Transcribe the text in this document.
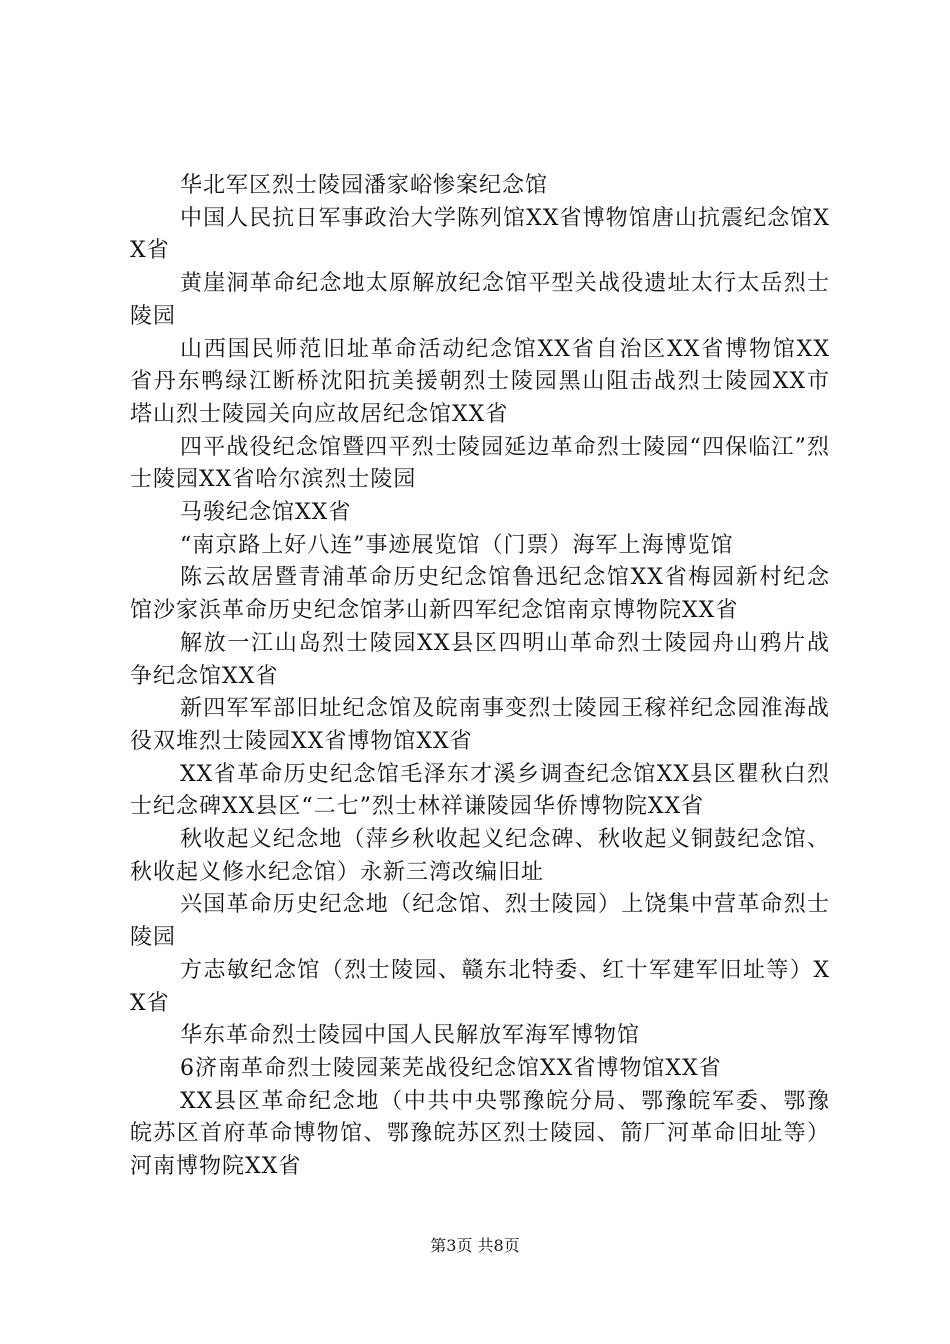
华北军区烈士陵园潘家峪惨案纪念馆

中国人民抗日军事政治大学陈列馆XX省博物馆唐山抗震纪念馆XX省

黄崖洞革命纪念地太原解放纪念馆平型关战役遗址太行太岳烈士陵园

山西国民师范旧址革命活动纪念馆XX省自治区XX省博物馆XX省丹东鸭绿江断桥沈阳抗美援朝烈士陵园黑山阻击战烈士陵园XX市塔山烈士陵园关向应故居纪念馆XX省

四平战役纪念馆暨四平烈士陵园延边革命烈士陵园“四保临江”烈士陵园XX省哈尔滨烈士陵园

马骏纪念馆XX省

“南京路上好八连”事迹展览馆（门票）海军上海博览馆

陈云故居暨青浦革命历史纪念馆鲁迅纪念馆XX省梅园新村纪念馆沙家浜革命历史纪念馆茅山新四军纪念馆南京博物院XX省

解放一江山岛烈士陵园XX县区四明山革命烈士陵园舟山鸦片战争纪念馆XX省

新四军军部旧址纪念馆及皖南事变烈士陵园王稼祥纪念园淮海战役双堆烈士陵园XX省博物馆XX省

XX省革命历史纪念馆毛泽东才溪乡调查纪念馆XX县区瞿秋白烈士纪念碑XX县区“二七”烈士林祥谦陵园华侨博物院XX省

秋收起义纪念地（萍乡秋收起义纪念碑、秋收起义铜鼓纪念馆、秋收起义修水纪念馆）永新三湾改编旧址

兴国革命历史纪念地（纪念馆、烈士陵园）上饶集中营革命烈士陵园

方志敏纪念馆（烈士陵园、赣东北特委、红十军建军旧址等）XX省

华东革命烈士陵园中国人民解放军海军博物馆

6济南革命烈士陵园莱芜战役纪念馆XX省博物馆XX省

XX县区革命纪念地（中共中央鄂豫皖分局、鄂豫皖军委、鄂豫皖苏区首府革命博物馆、鄂豫皖苏区烈士陵园、箭厂河革命旧址等）河南博物院XX省

第3页 共8页
